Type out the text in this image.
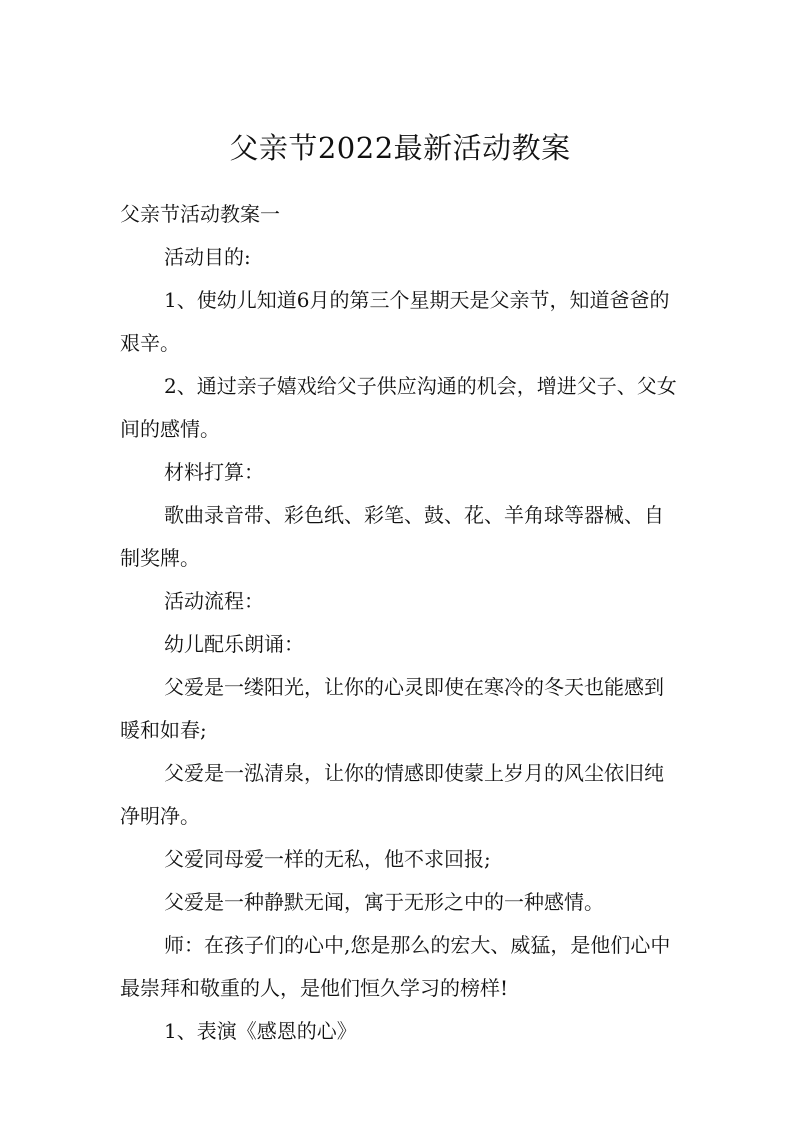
父亲节2022最新活动教案

父亲节活动教案一

活动目的:

1、使幼儿知道6月的第三个星期天是父亲节，知道爸爸的艰辛。

2、通过亲子嬉戏给父子供应沟通的机会，增进父子、父女间的感情。

材料打算：

歌曲录音带、彩色纸、彩笔、鼓、花、羊角球等器械、自制奖牌。

活动流程：

幼儿配乐朗诵：

父爱是一缕阳光，让你的心灵即使在寒冷的冬天也能感到暖和如春;

父爱是一泓清泉，让你的情感即使蒙上岁月的风尘依旧纯净明净。

父爱同母爱一样的无私，他不求回报;

父爱是一种静默无闻，寓于无形之中的一种感情。

师：在孩子们的心中,您是那么的宏大、威猛，是他们心中最崇拜和敬重的人，是他们恒久学习的榜样!

1、表演《感恩的心》
